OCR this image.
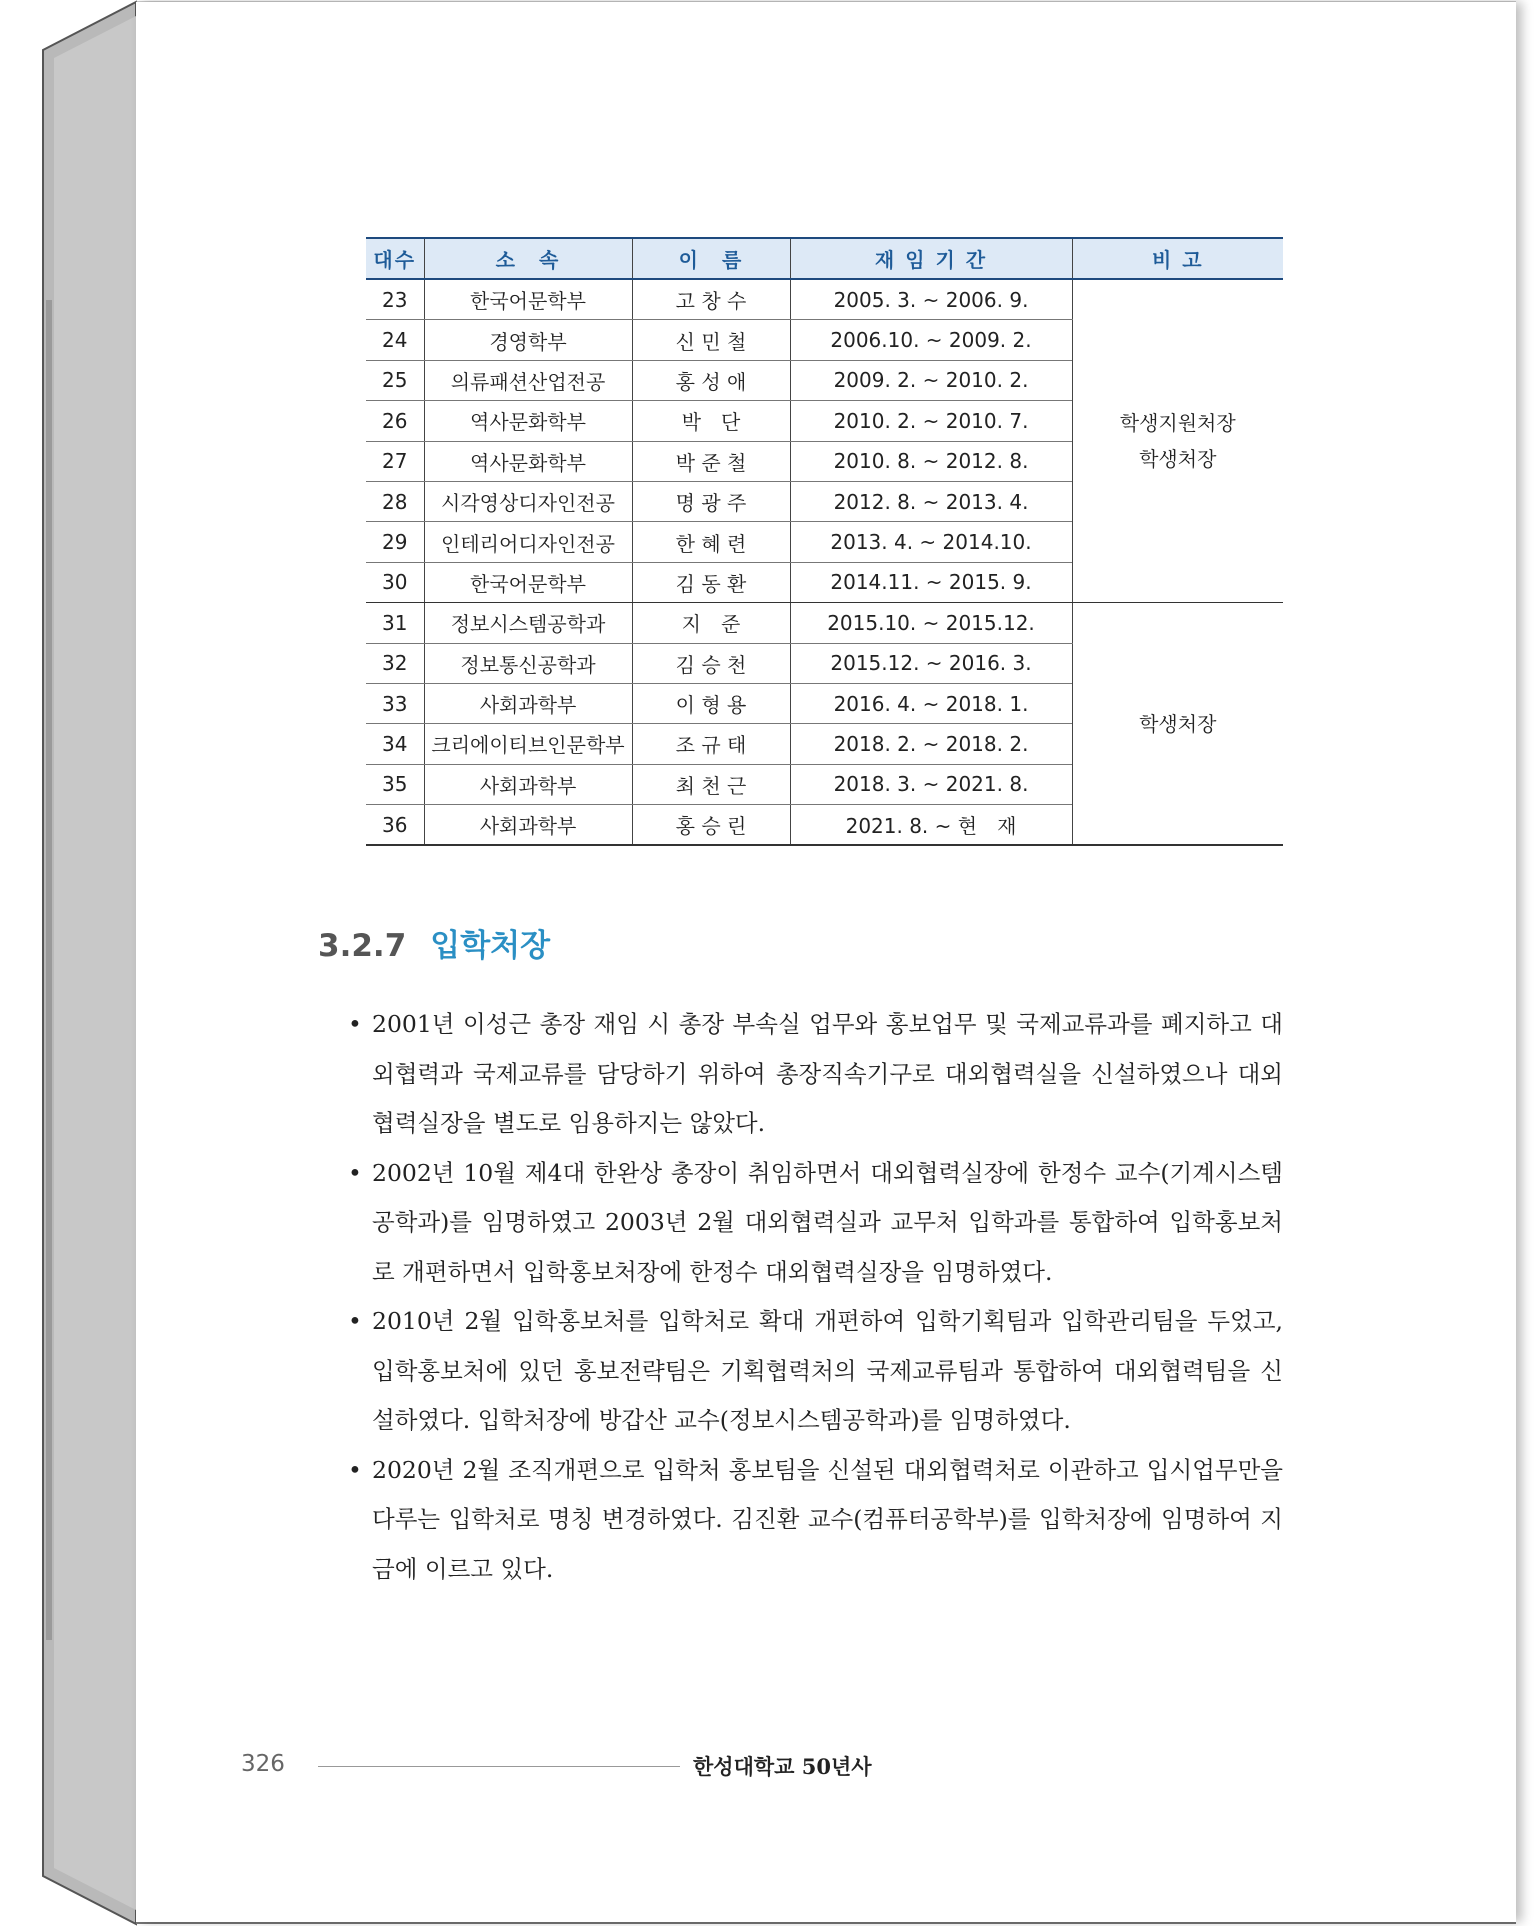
대수	소　속	이　름	재 임 기 간	비 고
23	한국어문학부	고 창 수	2005. 3. ~ 2006. 9.	학생지원처장
학생처장

24	경영학부	신 민 철	2006.10. ~ 2009. 2.	
25	의류패션산업전공	홍 성 애	2009. 2. ~ 2010. 2.	
26	역사문화학부	박　단	2010. 2. ~ 2010. 7.	
27	역사문화학부	박 준 철	2010. 8. ~ 2012. 8.	
28	시각영상디자인전공	명 광 주	2012. 8. ~ 2013. 4.	
29	인테리어디자인전공	한 혜 련	2013. 4. ~ 2014.10.	
30	한국어문학부	김 동 환	2014.11. ~ 2015. 9.	
31	정보시스템공학과	지　준	2015.10. ~ 2015.12.	학생처장
32	정보통신공학과	김 승 천	2015.12. ~ 2016. 3.	
33	사회과학부	이 형 용	2016. 4. ~ 2018. 1.	
34	크리에이티브인문학부	조 규 태	2018. 2. ~ 2018. 2.	
35	사회과학부	최 천 근	2018. 3. ~ 2021. 8.	
36	사회과학부	홍 승 린	2021. 8. ~ 현　재	
3.2.7 입학처장
• 2001년 이성근 총장 재임 시 총장 부속실 업무와 홍보업무 및 국제교류과를 폐지하고 대외협력과 국제교류를 담당하기 위하여 총장직속기구로 대외협력실을 신설하였으나 대외협력실장을 별도로 임용하지는 않았다.
• 2002년 10월 제4대 한완상 총장이 취임하면서 대외협력실장에 한정수 교수(기계시스템공학과)를 임명하였고 2003년 2월 대외협력실과 교무처 입학과를 통합하여 입학홍보처로 개편하면서 입학홍보처장에 한정수 대외협력실장을 임명하였다.
• 2010년 2월 입학홍보처를 입학처로 확대 개편하여 입학기획팀과 입학관리팀을 두었고, 입학홍보처에 있던 홍보전략팀은 기획협력처의 국제교류팀과 통합하여 대외협력팀을 신설하였다. 입학처장에 방갑산 교수(정보시스템공학과)를 임명하였다.
• 2020년 2월 조직개편으로 입학처 홍보팀을 신설된 대외협력처로 이관하고 입시업무만을 다루는 입학처로 명칭 변경하였다. 김진환 교수(컴퓨터공학부)를 입학처장에 임명하여 지금에 이르고 있다.
326	한성대학교 50년사
